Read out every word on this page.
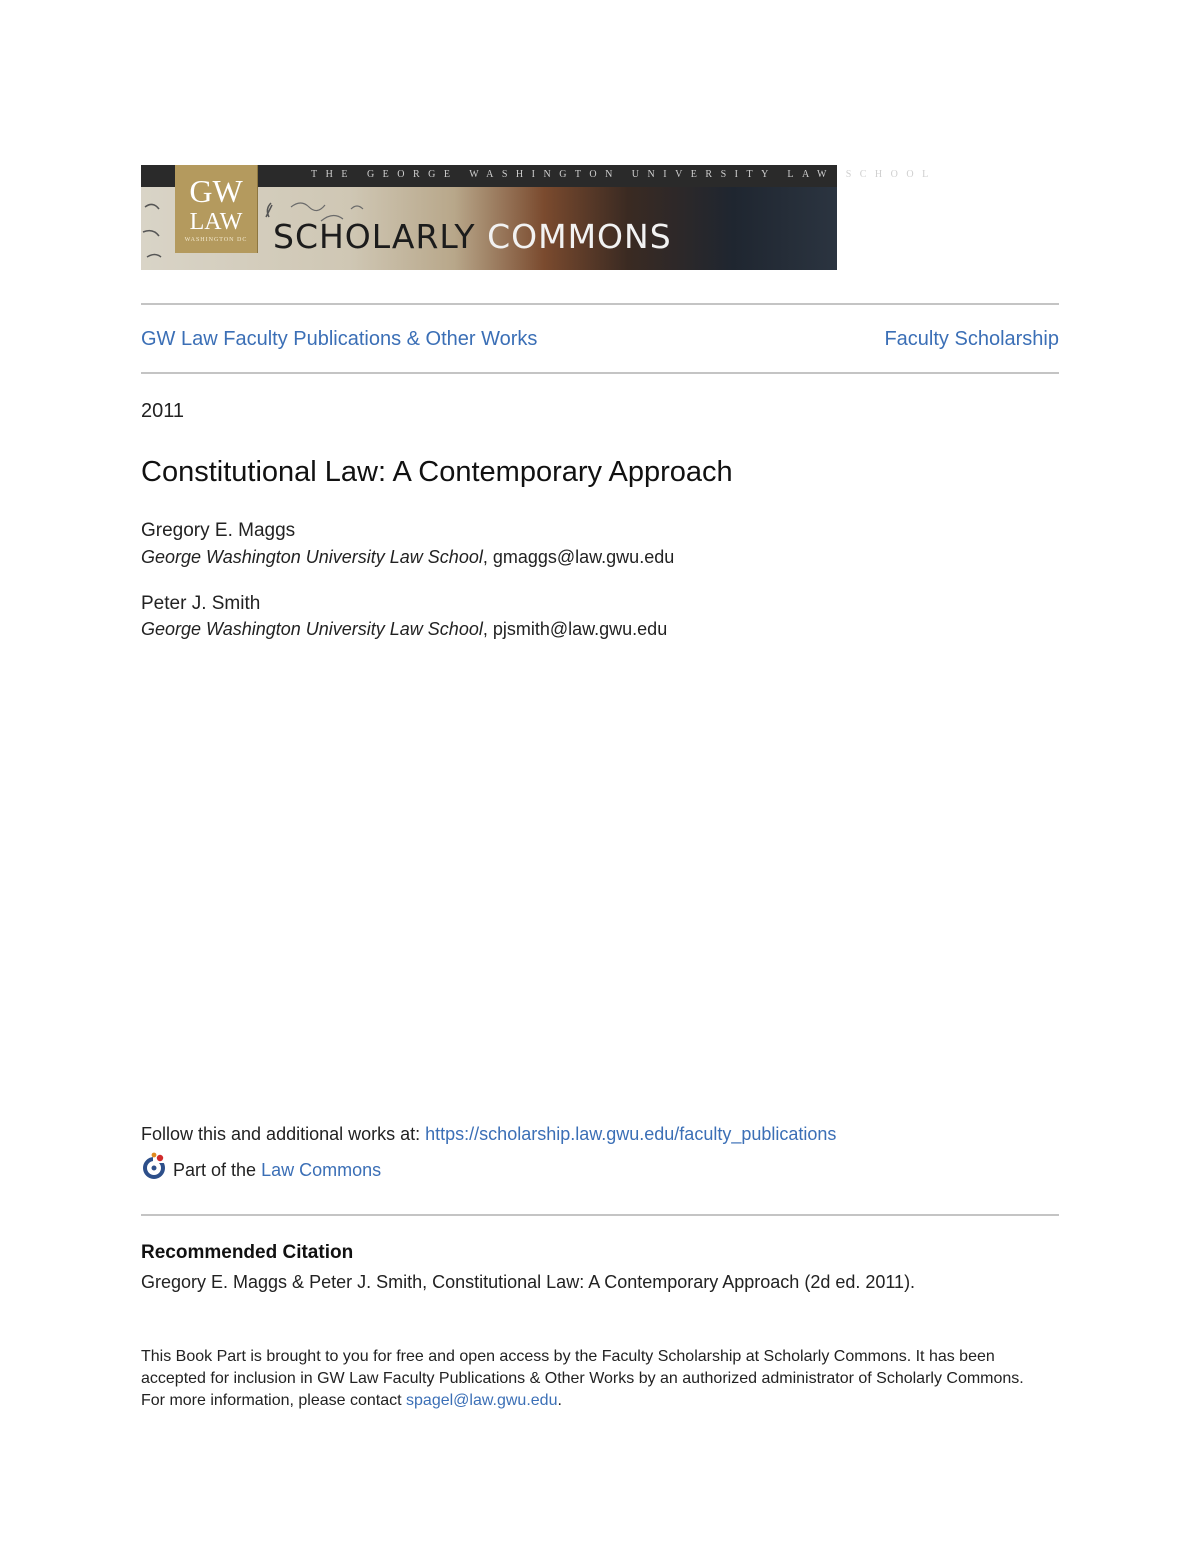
THE GEORGE WASHINGTON UNIVERSITY LAW SCHOOL
GW
LAW
WASHINGTON DC SCHOLARLY COMMONS
GW Law Faculty Publications & Other Works	Faculty Scholarship
2011
Constitutional Law: A Contemporary Approach
Gregory E. Maggs
George Washington University Law School, gmaggs@law.gwu.edu
Peter J. Smith
George Washington University Law School, pjsmith@law.gwu.edu
Follow this and additional works at: https://scholarship.law.gwu.edu/faculty_publications
Part of the
Law Commons
Recommended Citation
Gregory E. Maggs & Peter J. Smith, Constitutional Law: A Contemporary Approach (2d ed. 2011).
This Book Part is brought to you for free and open access by the Faculty Scholarship at Scholarly Commons. It has been accepted for inclusion in GW Law Faculty Publications & Other Works by an authorized administrator of Scholarly Commons. For more information, please contact spagel@law.gwu.edu.
